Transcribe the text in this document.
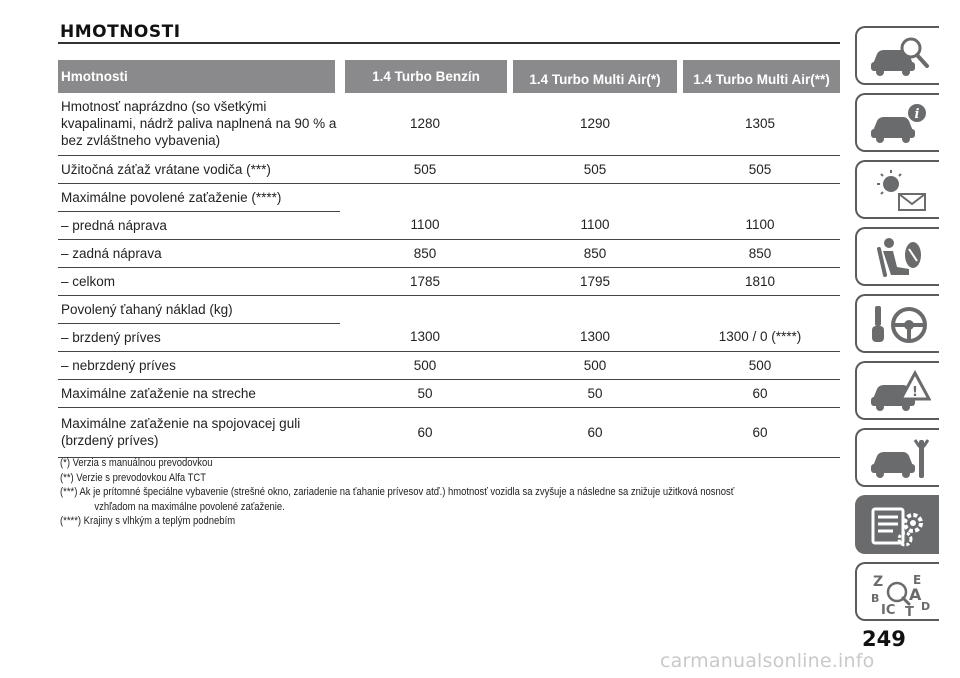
HMOTNOSTI
Hmotnosti	1.4 Turbo Benzín	1.4 Turbo Multi Air(*)	1.4 Turbo Multi Air(**)
Hmotnosť naprázdno (so všetkými kvapalinami, nádrž paliva naplnená na 90 % a bez zvláštneho vybavenia)	1280	1290	1305
Užitočná záťaž vrátane vodiča (***)	505	505	505
Maximálne povolené zaťaženie (****)			
– predná náprava	1100	1100	1100
– zadná náprava	850	850	850
– celkom	1785	1795	1810
Povolený ťahaný náklad (kg)			
– brzdený príves	1300	1300	1300 / 0 (****)
– nebrzdený príves	500	500	500
Maximálne zaťaženie na streche	50	50	60
Maximálne zaťaženie na spojovacej guli (brzdený príves)	60	60	60
(*) Verzia s manuálnou prevodovkou
(**) Verzie s prevodovkou Alfa TCT
(***) Ak je prítomné špeciálne vybavenie (strešné okno, zariadenie na ťahanie prívesov atď.) hmotnosť vozidla sa zvyšuje a následne sa znižuje užitková nosnosť
vzhľadom na maximálne povolené zaťaženie.
(****) Krajiny s vlhkým a teplým podnebím
i
!
Z E
B A
IC T D
249
carmanualsonline.info
